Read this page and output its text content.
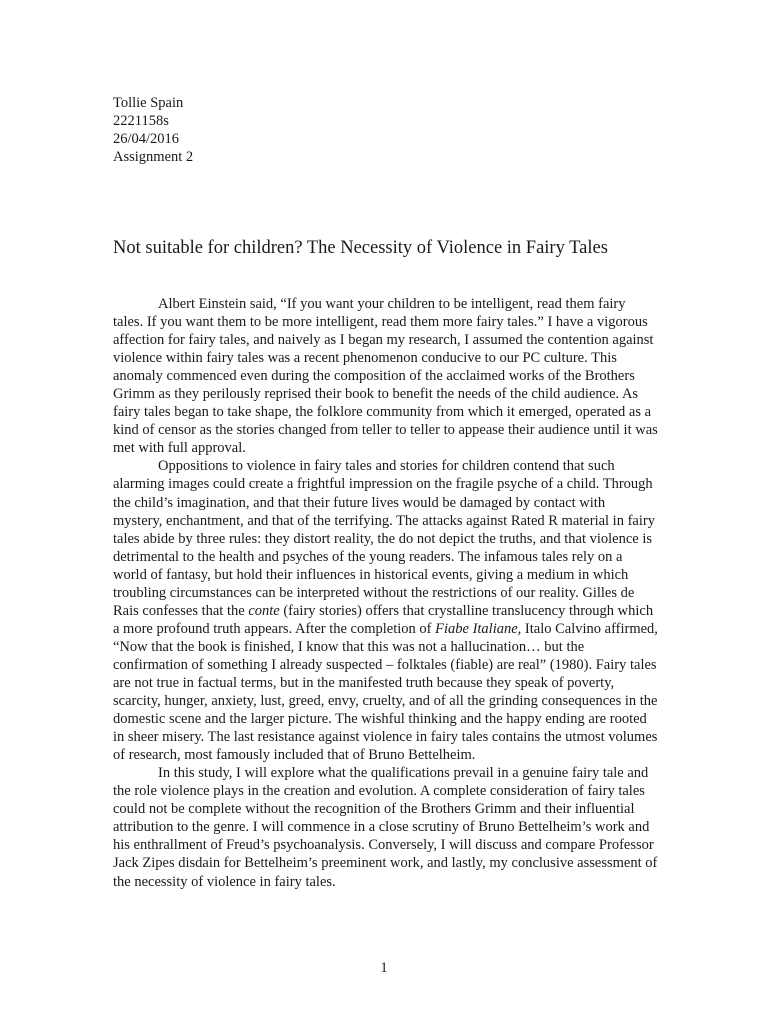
Tollie Spain
2221158s
26/04/2016
Assignment 2
Not suitable for children? The Necessity of Violence in Fairy Tales

Albert Einstein said, “If you want your children to be intelligent, read them fairy tales. If you want them to be more intelligent, read them more fairy tales.” I have a vigorous affection for fairy tales, and naively as I began my research, I assumed the contention against violence within fairy tales was a recent phenomenon conducive to our PC culture. This anomaly commenced even during the composition of the acclaimed works of the Brothers Grimm as they perilously reprised their book to benefit the needs of the child audience. As fairy tales began to take shape, the folklore community from which it emerged, operated as a kind of censor as the stories changed from teller to teller to appease their audience until it was met with full approval.

Oppositions to violence in fairy tales and stories for children contend that such alarming images could create a frightful impression on the fragile psyche of a child. Through the child’s imagination, and that their future lives would be damaged by contact with mystery, enchantment, and that of the terrifying. The attacks against Rated R material in fairy tales abide by three rules: they distort reality, the do not depict the truths, and that violence is detrimental to the health and psyches of the young readers. The infamous tales rely on a world of fantasy, but hold their influences in historical events, giving a medium in which troubling circumstances can be interpreted without the restrictions of our reality. Gilles de Rais confesses that the conte (fairy stories) offers that crystalline translucency through which a more profound truth appears. After the completion of Fiabe Italiane, Italo Calvino affirmed, “Now that the book is finished, I know that this was not a hallucination… but the confirmation of something I already suspected – folktales (fiable) are real” (1980). Fairy tales are not true in factual terms, but in the manifested truth because they speak of poverty, scarcity, hunger, anxiety, lust, greed, envy, cruelty, and of all the grinding consequences in the domestic scene and the larger picture. The wishful thinking and the happy ending are rooted in sheer misery. The last resistance against violence in fairy tales contains the utmost volumes of research, most famously included that of Bruno Bettelheim.

In this study, I will explore what the qualifications prevail in a genuine fairy tale and the role violence plays in the creation and evolution. A complete consideration of fairy tales could not be complete without the recognition of the Brothers Grimm and their influential attribution to the genre. I will commence in a close scrutiny of Bruno Bettelheim’s work and his enthrallment of Freud’s psychoanalysis. Conversely, I will discuss and compare Professor Jack Zipes disdain for Bettelheim’s preeminent work, and lastly, my conclusive assessment of the necessity of violence in fairy tales.

1
